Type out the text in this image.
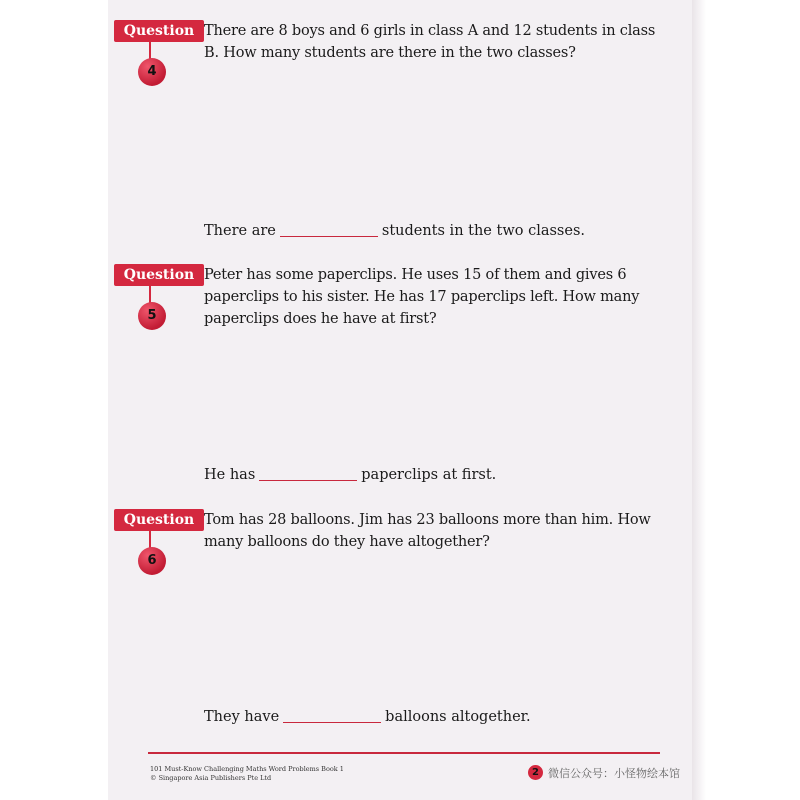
Question
4
There are 8 boys and 6 girls in class A and 12 students in class B. How many students are there in the two classes?
There are	students in the two classes.
Question
5
Peter has some paperclips. He uses 15 of them and gives 6 paperclips to his sister. He has 17 paperclips left. How many paperclips does he have at first?
He has	paperclips at first.
Question
6
Tom has 28 balloons. Jim has 23 balloons more than him. How many balloons do they have altogether?
They have	balloons altogether.
101 Must-Know Challenging Maths Word Problems Book 1
© Singapore Asia Publishers Pte Ltd	2 微信公众号：小怪物绘本馆
